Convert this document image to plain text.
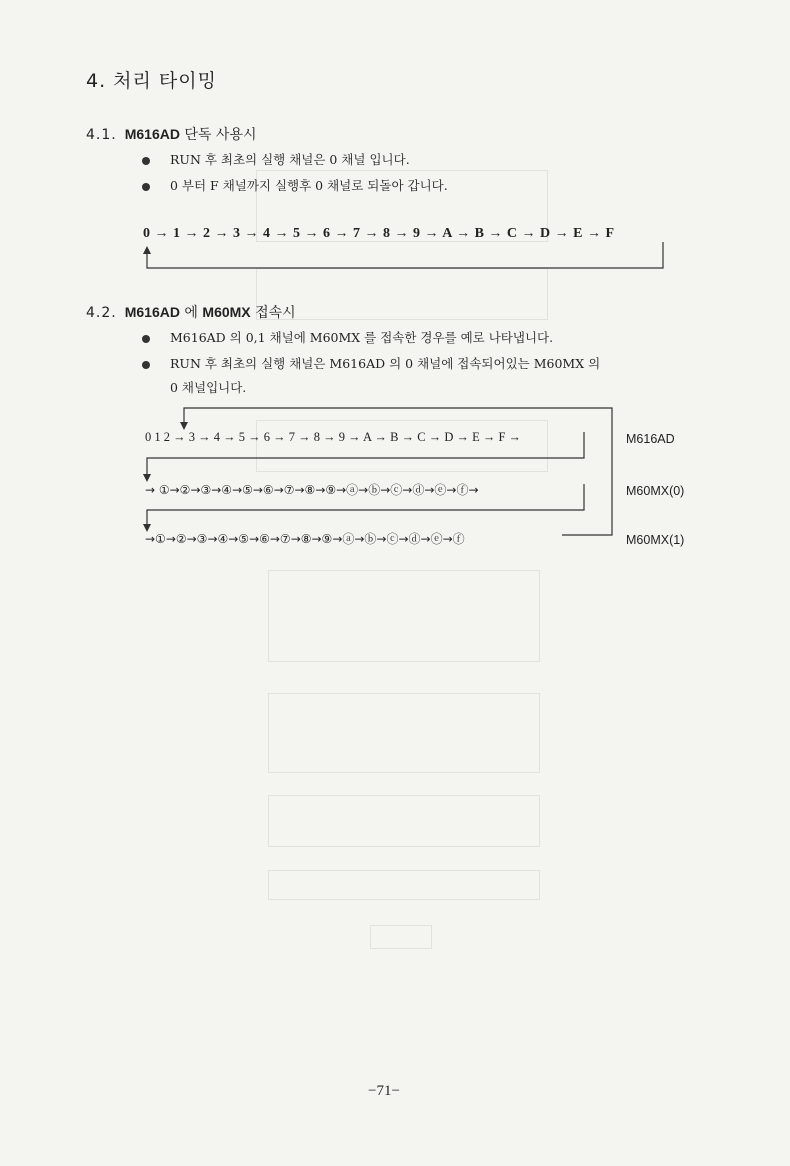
4. 처리 타이밍
4.1. M616AD 단독 사용시
RUN 후 최초의 실행 채널은 0 채널 입니다.
0 부터 F 채널까지 실행후 0 채널로 되돌아 갑니다.
0 → 1 → 2 → 3 → 4 → 5 → 6 → 7 → 8 → 9 → A → B → C → D → E → F
4.2. M616AD 에 M60MX 접속시
M616AD 의 0,1 채널에 M60MX 를 접속한 경우를 예로 나타냅니다.
RUN 후 최초의 실행 채널은 M616AD 의 0 채널에 접속되어있는 M60MX 의
0 채널입니다.
0 1 2 → 3 → 4 → 5 → 6 → 7 → 8 → 9 → A → B → C → D → E → F →	M616AD
→ ①→②→③→④→⑤→⑥→⑦→⑧→⑨→ⓐ→ⓑ→ⓒ→ⓓ→ⓔ→ⓕ→	M60MX(0)
→①→②→③→④→⑤→⑥→⑦→⑧→⑨→ⓐ→ⓑ→ⓒ→ⓓ→ⓔ→ⓕ	M60MX(1)
−71−
